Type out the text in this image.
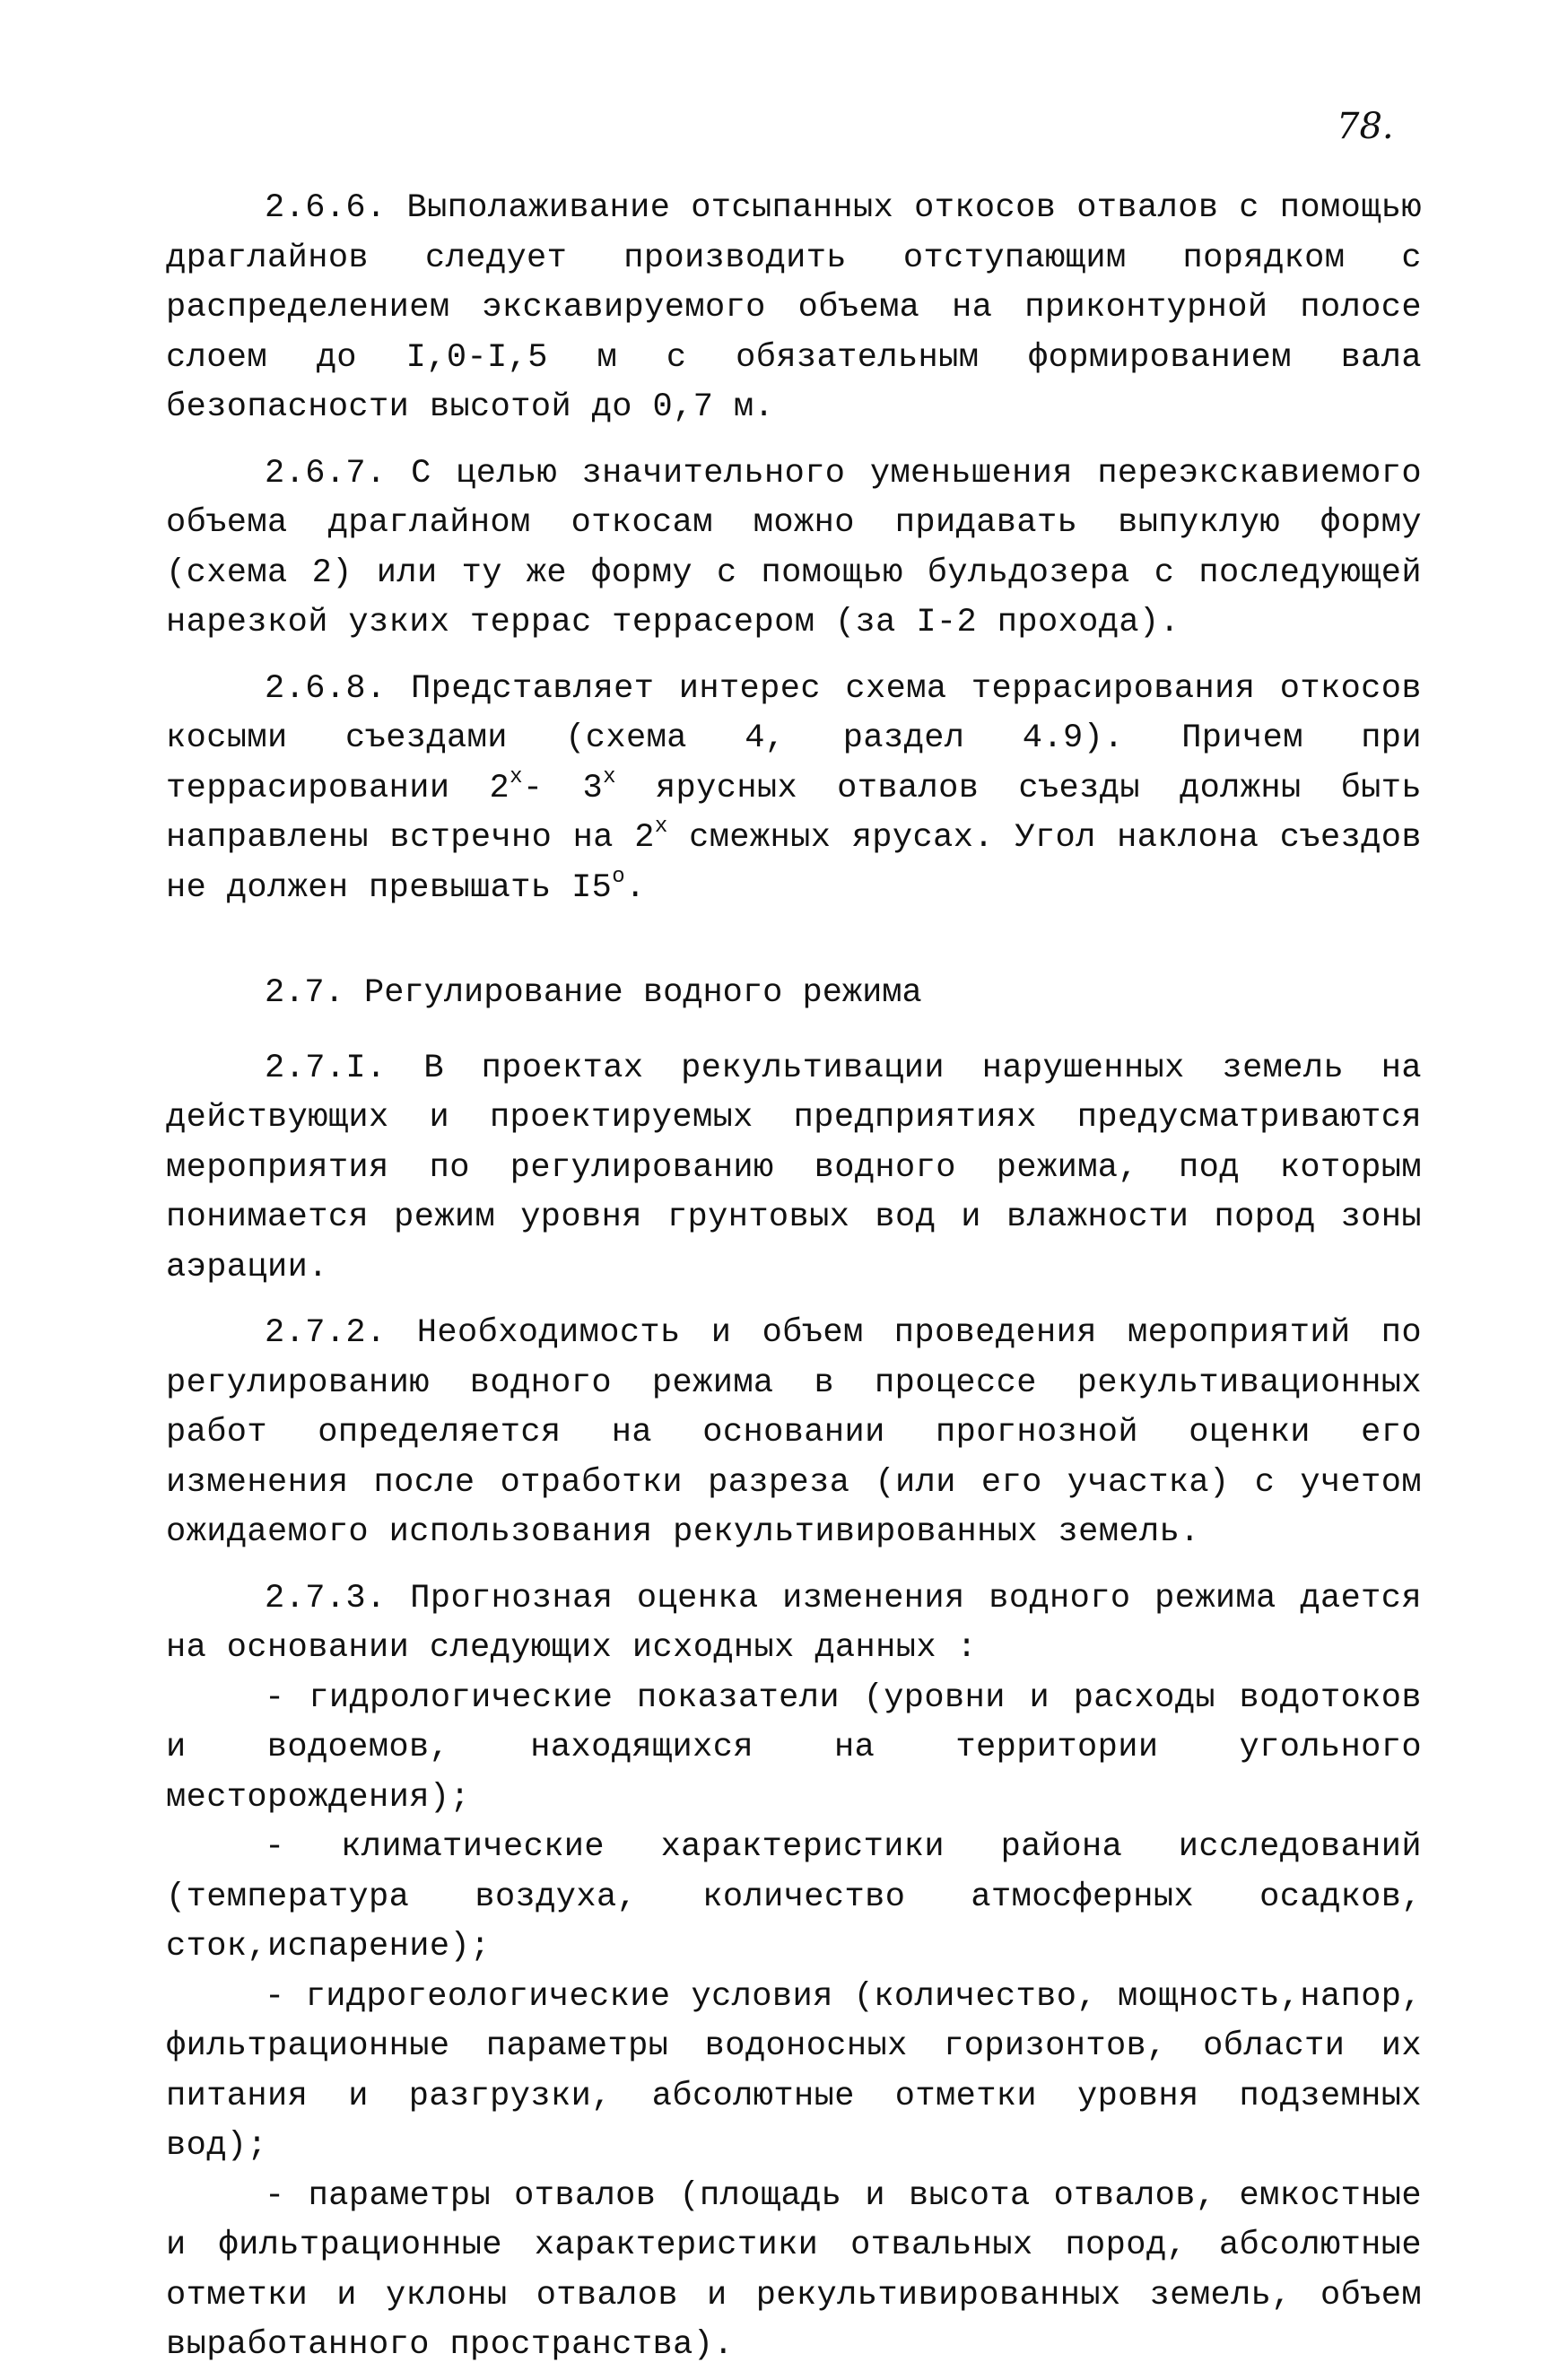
78.

2.6.6. Выполаживание отсыпанных откосов отвалов с помощью драглайнов следует производить отступающим порядком с распределением экскавируемого объема на приконтурной полосе слоем до I,0-I,5 м с обязательным формированием вала безопасности высотой до 0,7 м.

2.6.7. С целью значительного уменьшения переэкскавиемого объема драглайном откосам можно придавать выпуклую форму (схема 2) или ту же форму с помощью бульдозера с последующей нарезкой узких террас террасером (за I-2 прохода).

2.6.8. Представляет интерес схема террасирования откосов косыми съездами (схема 4, раздел 4.9). Причем при террасировании $2^х-$ $3^х$ ярусных отвалов съезды должны быть направлены встречно на $2^х$ смежных ярусах. Угол наклона съездов не должен превышать $I5^о$.

2.7. Регулирование водного режима

2.7.I. В проектах рекультивации нарушенных земель на действующих и проектируемых предприятиях предусматриваются мероприятия по регулированию водного режима, под которым понимается режим уровня грунтовых вод и влажности пород зоны аэрации.

2.7.2. Необходимость и объем проведения мероприятий по регулированию водного режима в процессе рекультивационных работ определяется на основании прогнозной оценки его изменения после отработки разреза (или его участка) с учетом ожидаемого использования рекультивированных земель.

2.7.3. Прогнозная оценка изменения водного режима дается на основании следующих исходных данных :

- гидрологические показатели (уровни и расходы водотоков и водоемов, находящихся на территории угольного месторождения);

- климатические характеристики района исследований (температура воздуха, количество атмосферных осадков, сток,испарение);

- гидрогеологические условия (количество, мощность,напор, фильтрационные параметры водоносных горизонтов, области их питания и разгрузки, абсолютные отметки уровня подземных вод);

- параметры отвалов (площадь и высота отвалов, емкостные и фильтрационные характеристики отвальных пород, абсолютные отметки и уклоны отвалов и рекультивированных земель, объем выработанного пространства).
